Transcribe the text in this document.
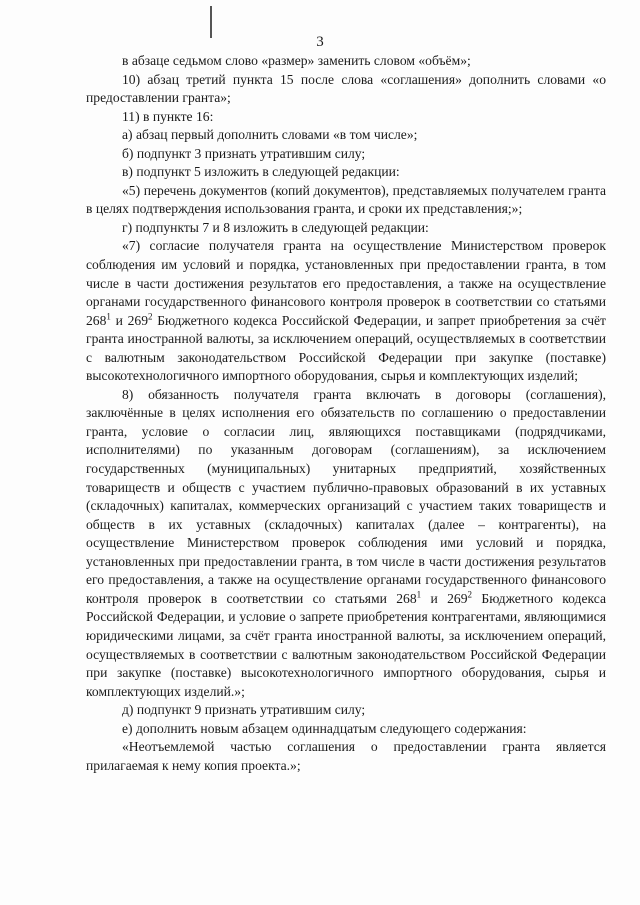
3

в абзаце седьмом слово «размер» заменить словом «объём»;

10) абзац третий пункта 15 после слова «соглашения» дополнить словами «о предоставлении гранта»;

11) в пункте 16:

а) абзац первый дополнить словами «в том числе»;

б) подпункт 3 признать утратившим силу;

в) подпункт 5 изложить в следующей редакции:

«5) перечень документов (копий документов), представляемых получателем гранта в целях подтверждения использования гранта, и сроки их представления;»;

г) подпункты 7 и 8 изложить в следующей редакции:

«7) согласие получателя гранта на осуществление Министерством проверок соблюдения им условий и порядка, установленных при предоставлении гранта, в том числе в части достижения результатов его предоставления, а также на осуществление органами государственного финансового контроля проверок в соответствии со статьями $268^1$ и $269^2$ Бюджетного кодекса Российской Федерации, и запрет приобретения за счёт гранта иностранной валюты, за исключением операций, осуществляемых в соответствии с валютным законодательством Российской Федерации при закупке (поставке) высокотехнологичного импортного оборудования, сырья и комплектующих изделий;

8) обязанность получателя гранта включать в договоры (соглашения), заключённые в целях исполнения его обязательств по соглашению о предоставлении гранта, условие о согласии лиц, являющихся поставщиками (подрядчиками, исполнителями) по указанным договорам (соглашениям), за исключением государственных (муниципальных) унитарных предприятий, хозяйственных товариществ и обществ с участием публично-правовых образований в их уставных (складочных) капиталах, коммерческих организаций с участием таких товариществ и обществ в их уставных (складочных) капиталах (далее – контрагенты), на осуществление Министерством проверок соблюдения ими условий и порядка, установленных при предоставлении гранта, в том числе в части достижения результатов его предоставления, а также на осуществление органами государственного финансового контроля проверок в соответствии со статьями $268^1$ и $269^2$ Бюджетного кодекса Российской Федерации, и условие о запрете приобретения контрагентами, являющимися юридическими лицами, за счёт гранта иностранной валюты, за исключением операций, осуществляемых в соответствии с валютным законодательством Российской Федерации при закупке (поставке) высокотехнологичного импортного оборудования, сырья и комплектующих изделий.»;

д) подпункт 9 признать утратившим силу;

е) дополнить новым абзацем одиннадцатым следующего содержания:

«Неотъемлемой частью соглашения о предоставлении гранта является прилагаемая к нему копия проекта.»;
